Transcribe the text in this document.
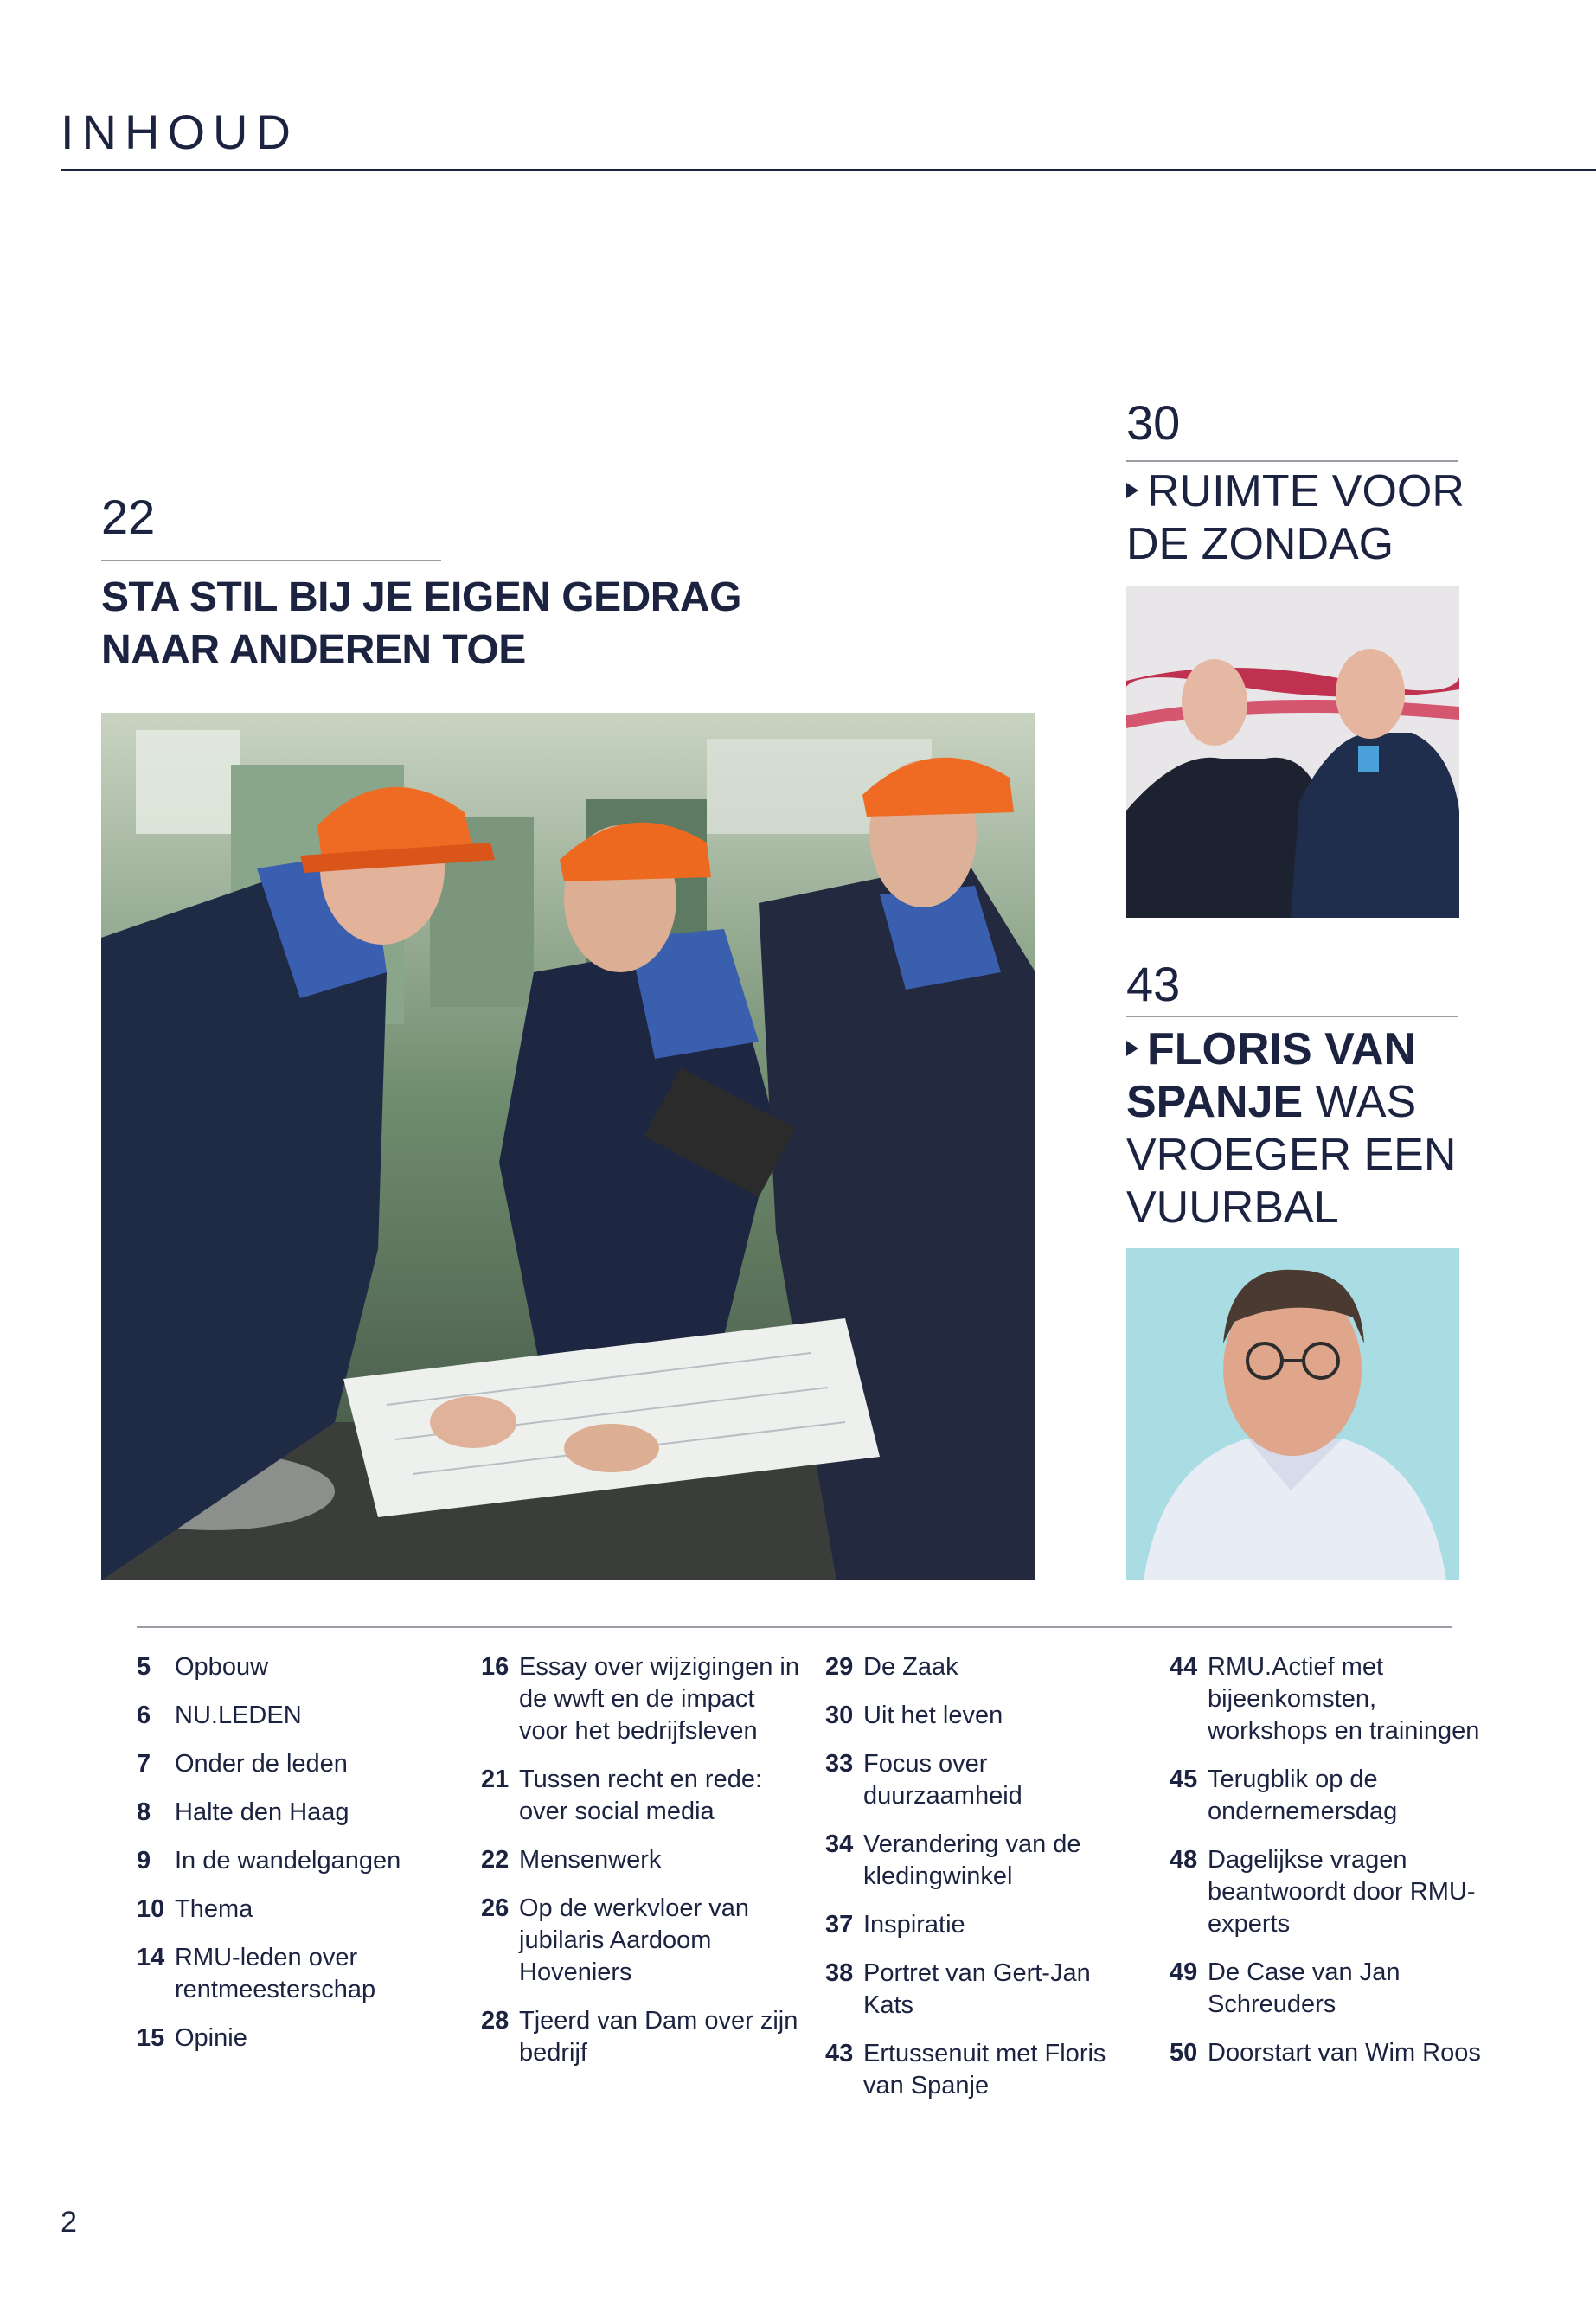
INHOUD
22
STA STIL BIJ JE EIGEN GEDRAG
NAAR ANDEREN TOE
30
RUIMTE VOOR
DE ZONDAG
43
FLORIS VAN
SPANJE WAS
VROEGER EEN
VUURBAL
5 Opbouw
6 NU.LEDEN
7 Onder de leden
8 Halte den Haag
9 In de wandelgangen
10 Thema
14 RMU-leden over rentmeesterschap
15 Opinie
16 Essay over wijzigingen in de wwft en de impact voor het bedrijfsleven
21 Tussen recht en rede: over social media
22 Mensenwerk
26 Op de werkvloer van jubilaris Aardoom Hoveniers
28 Tjeerd van Dam over zijn bedrijf
29 De Zaak
30 Uit het leven
33 Focus over duurzaamheid
34 Verandering van de kledingwinkel
37 Inspiratie
38 Portret van Gert-Jan Kats
43 Ertussenuit met Floris van Spanje
44 RMU.Actief met bijeenkomsten, workshops en trainingen
45 Terugblik op de ondernemersdag
48 Dagelijkse vragen beantwoordt door RMU-experts
49 De Case van Jan Schreuders
50 Doorstart van Wim Roos
2
